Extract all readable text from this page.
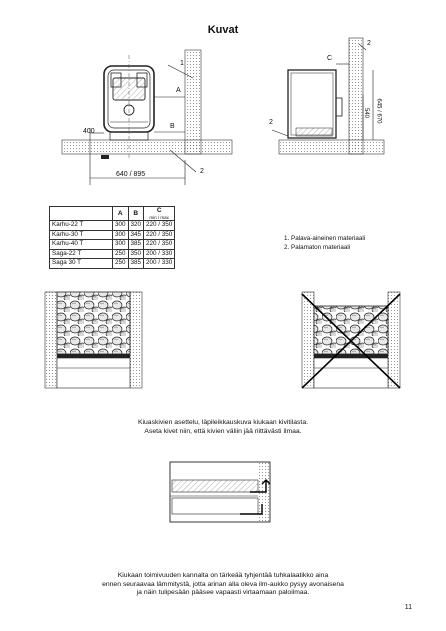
Kuvat
1
A
B
400
640 / 895	2
2
C
2
540 645 / 670
	A	B	C
min / max

Karhu-22 T	300	320	220 / 350
Karhu-30 T	300	345	220 / 350
Karhu-40 T	300	385	220 / 350
Saga-22 T	250	350	200 / 330
Saga 30 T	250	385	200 / 330
1. Palava-aineinen materiaali
2. Palamaton materiaali
Kiuaskivien asettelu, läpileikkauskuva kiukaan kivitilasta.
Aseta kivet niin, että kivien väliin jää riittävästi ilmaa.
Kiukaan toimivuuden kannalta on tärkeää tyhjentää tuhkalaatikko aina
ennen seuraavaa lämmitystä, jotta arinan alla oleva ilm-aukko pysyy avonaisena
ja näin tulipesään pääsee vapaasti virtaamaan paloilmaa.
11
